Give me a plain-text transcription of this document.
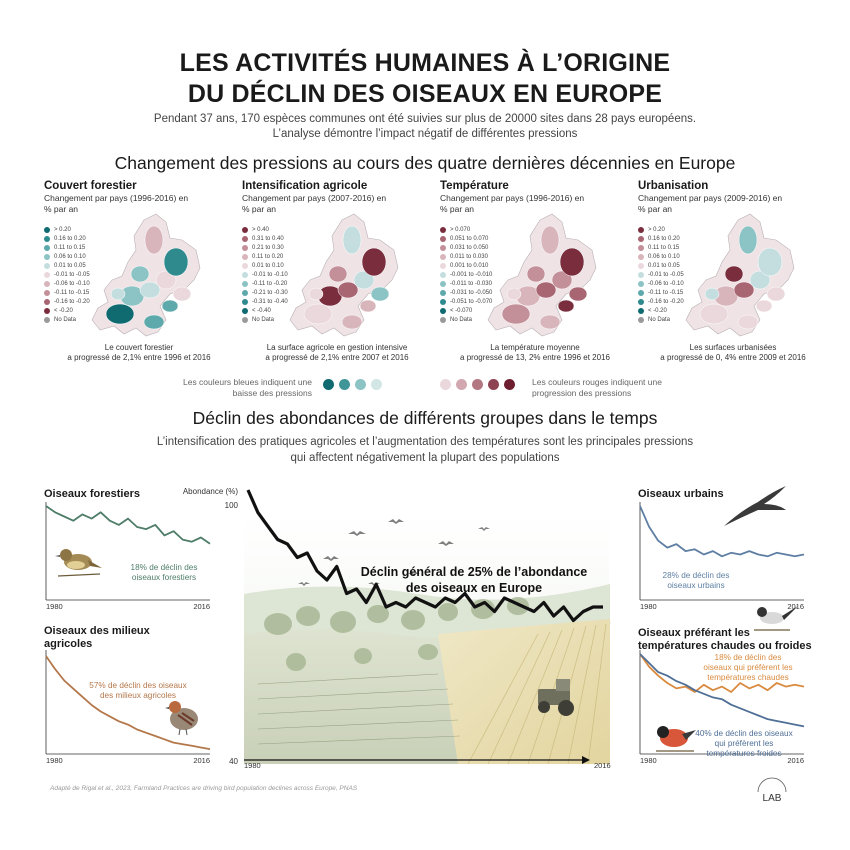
LES ACTIVITÉS HUMAINES À L’ORIGINE
DU DÉCLIN DES OISEAUX EN EUROPE
Pendant 37 ans, 170 espèces communes ont été suivies sur plus de 20000 sites dans 28 pays européens.
L’analyse démontre l’impact négatif de différentes pressions
Changement des pressions au cours des quatre dernières décennies en Europe
Couvert forestier
Changement par pays (1996-2016) en % par an
> 0.20
0.16 to 0.20
0.11 to 0.15
0.06 to 0.10
0.01 to 0.05
-0.01 to -0.05
-0.06 to -0.10
-0.11 to -0.15
-0.16 to -0.20
< -0.20
No Data
Le couvert forestier
a progressé de 2,1% entre 1996 et 2016
Intensification agricole
Changement par pays (2007-2016) en % par an
> 0.40
0.31 to 0.40
0.21 to 0.30
0.11 to 0.20
0.01 to 0.10
-0.01 to -0.10
-0.11 to -0.20
-0.21 to -0.30
-0.31 to -0.40
< -0.40
No Data
La surface agricole en gestion intensive
a progressé de 2,1% entre 2007 et 2016
Température
Changement par pays (1996-2016) en % par an
> 0.070
0.051 to 0.070
0.031 to 0.050
0.011 to 0.030
0.001 to 0.010
-0.001 to -0.010
-0.011 to -0.030
-0.031 to -0.050
-0.051 to -0.070
< -0.070
No Data
La température moyenne
a progressé de 13, 2% entre 1996 et 2016
Urbanisation
Changement par pays (2009-2016) en % par an
> 0.20
0.16 to 0.20
0.11 to 0.15
0.06 to 0.10
0.01 to 0.05
-0.01 to -0.05
-0.06 to -0.10
-0.11 to -0.15
-0.16 to -0.20
< -0.20
No Data
Les surfaces urbanisées
a progressé de 0, 4% entre 2009 et 2016
Les couleurs bleues indiquent une
baisse des pressions
Les couleurs rouges indiquent une
progression des pressions
Déclin des abondances de différents groupes dans le temps
L’intensification des pratiques agricoles et l’augmentation des températures sont les principales pressions
qui affectent négativement la plupart des populations
Abondance (%)
100
40 1980	2016
Déclin général de 25% de l’abondance
des oiseaux en Europe
Oiseaux forestiers
1980	2016
18% de déclin des
oiseaux forestiers
Oiseaux des milieux agricoles
1980	2016
57% de déclin des oiseaux
des milieux agricoles
Oiseaux urbains
1980	2016
28% de déclin des
oiseaux urbains
Oiseaux préférant les températures chaudes ou froides
1980	2016
18% de déclin des
oiseaux qui préfèrent les
températures chaudes
40% de déclin des oiseaux
qui préfèrent les
températures froides
Adapté de Rigal et al., 2023, Farmland Practices are driving bird population declines across Europe, PNAS
LAB
